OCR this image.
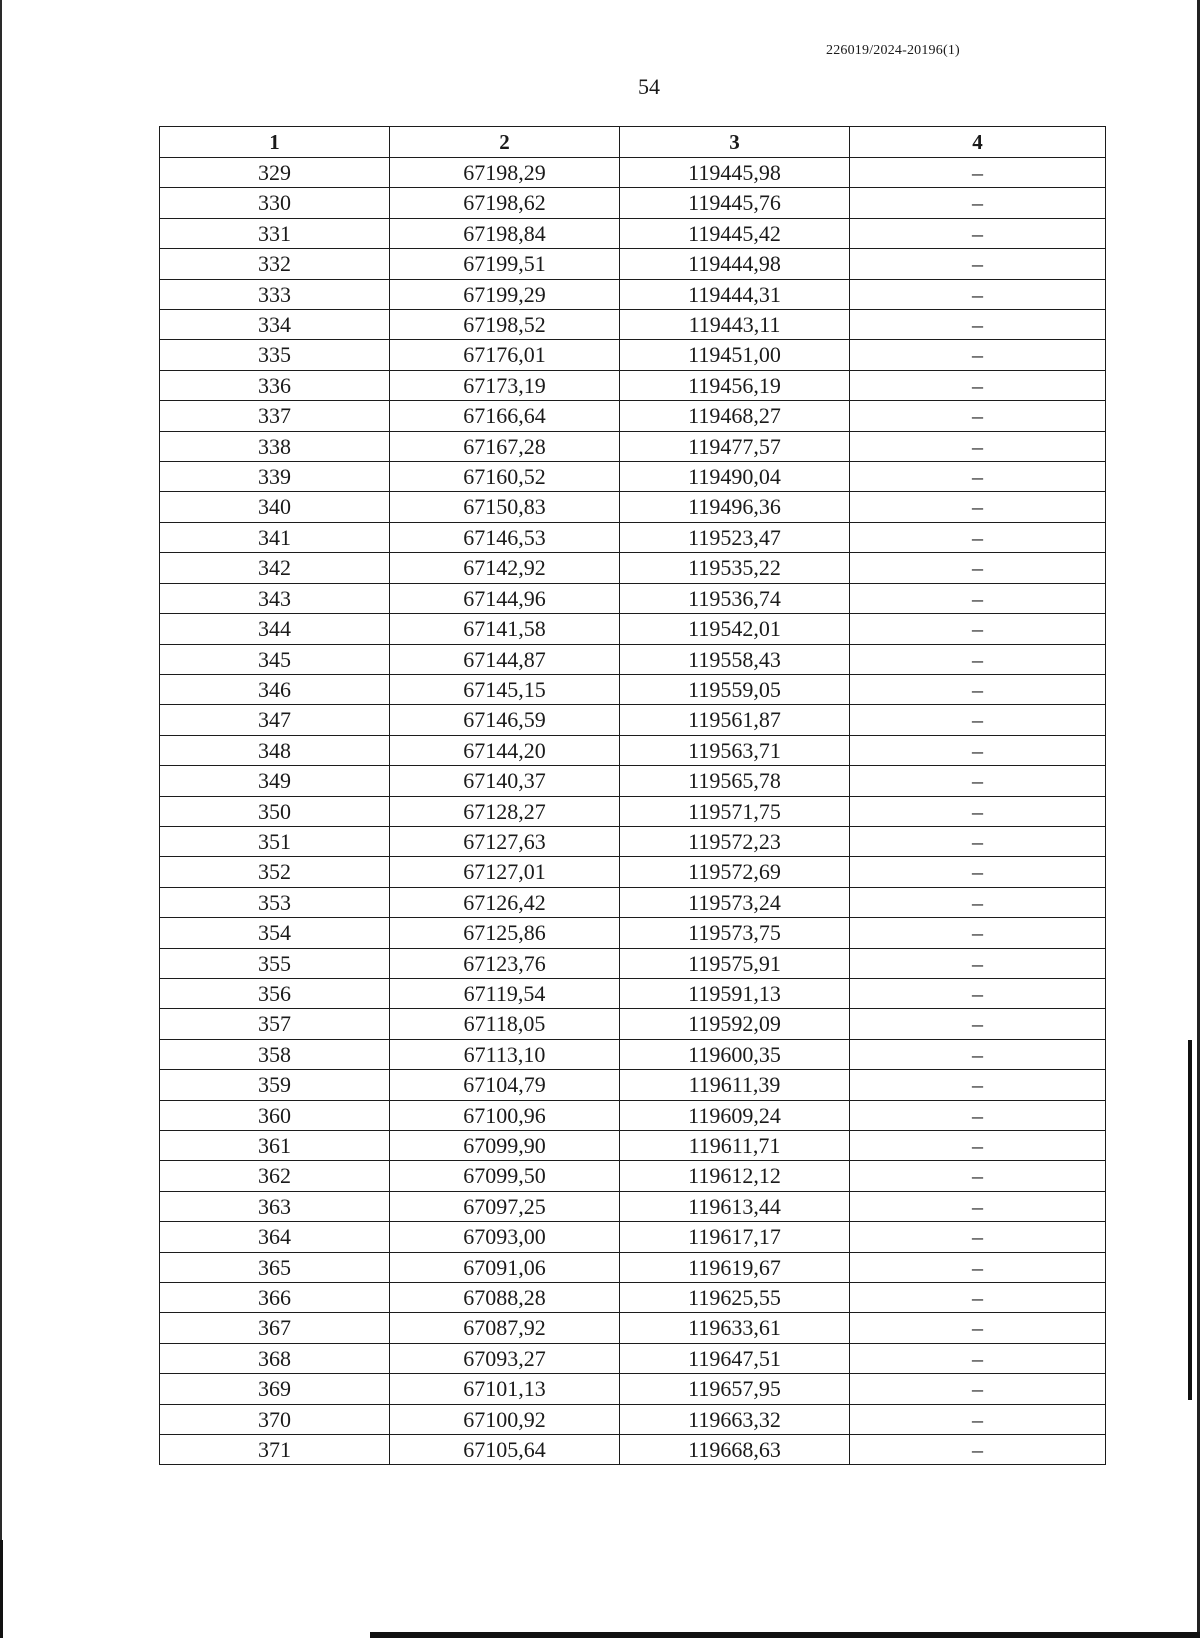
226019/2024-20196(1)
54
1	2	3	4
329	67198,29	119445,98	–
330	67198,62	119445,76	–
331	67198,84	119445,42	–
332	67199,51	119444,98	–
333	67199,29	119444,31	–
334	67198,52	119443,11	–
335	67176,01	119451,00	–
336	67173,19	119456,19	–
337	67166,64	119468,27	–
338	67167,28	119477,57	–
339	67160,52	119490,04	–
340	67150,83	119496,36	–
341	67146,53	119523,47	–
342	67142,92	119535,22	–
343	67144,96	119536,74	–
344	67141,58	119542,01	–
345	67144,87	119558,43	–
346	67145,15	119559,05	–
347	67146,59	119561,87	–
348	67144,20	119563,71	–
349	67140,37	119565,78	–
350	67128,27	119571,75	–
351	67127,63	119572,23	–
352	67127,01	119572,69	–
353	67126,42	119573,24	–
354	67125,86	119573,75	–
355	67123,76	119575,91	–
356	67119,54	119591,13	–
357	67118,05	119592,09	–
358	67113,10	119600,35	–
359	67104,79	119611,39	–
360	67100,96	119609,24	–
361	67099,90	119611,71	–
362	67099,50	119612,12	–
363	67097,25	119613,44	–
364	67093,00	119617,17	–
365	67091,06	119619,67	–
366	67088,28	119625,55	–
367	67087,92	119633,61	–
368	67093,27	119647,51	–
369	67101,13	119657,95	–
370	67100,92	119663,32	–
371	67105,64	119668,63	–
